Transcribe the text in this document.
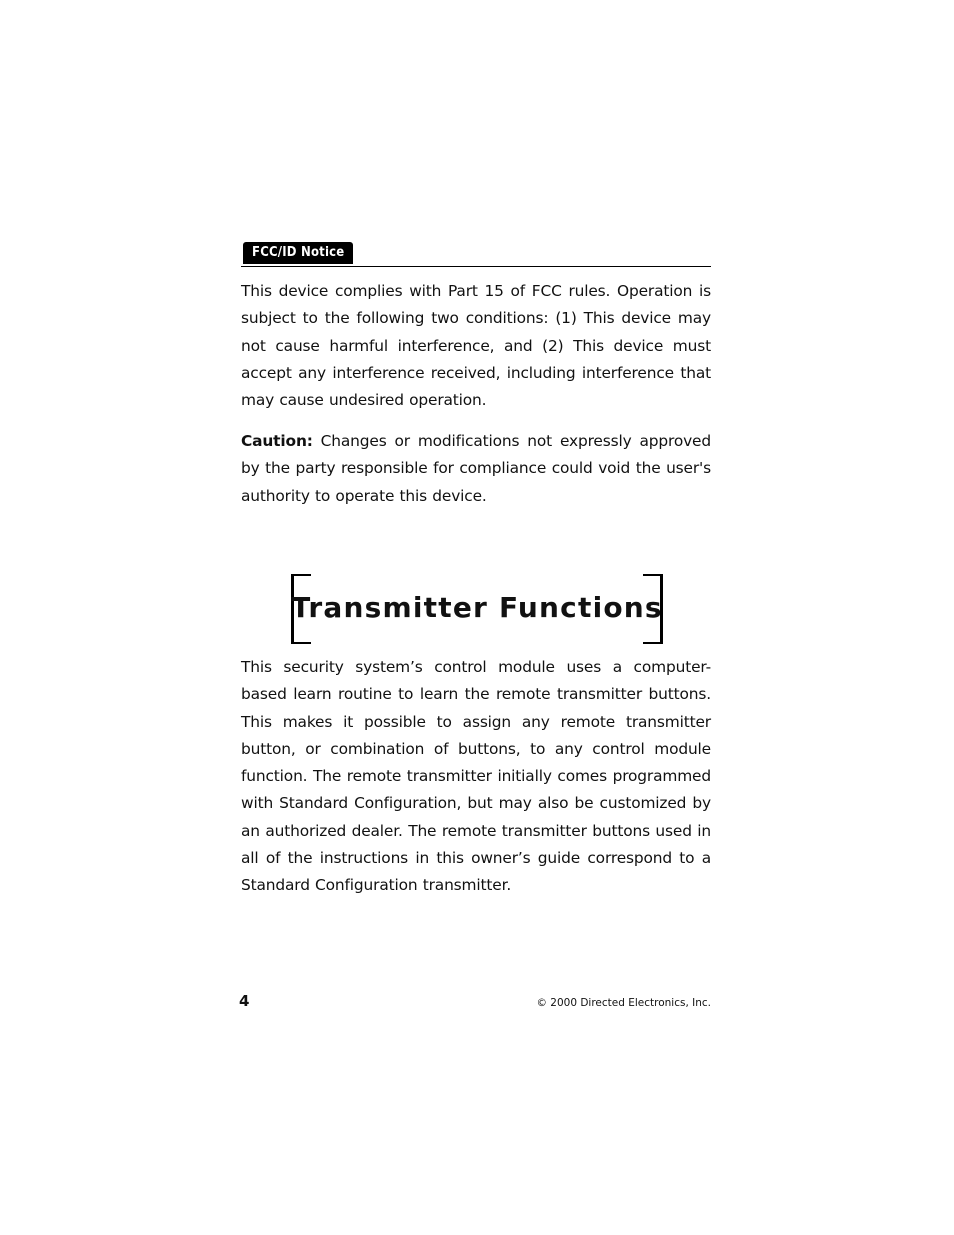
FCC/ID Notice

This device complies with Part 15 of FCC rules. Operation is subject to the following two conditions: (1) This device may not cause harmful interference, and (2) This device must accept any interference received, including interference that may cause undesired operation.

Caution: Changes or modifications not expressly approved by the party responsible for compliance could void the user's authority to operate this device.

Transmitter Functions

This security system’s control module uses a computer-based learn routine to learn the remote transmitter buttons. This makes it possible to assign any remote transmitter button, or combination of buttons, to any control module function. The remote transmitter initially comes programmed with Standard Configuration, but may also be customized by an authorized dealer. The remote transmitter buttons used in all of the instructions in this owner’s guide correspond to a Standard Configuration transmitter.

4	© 2000 Directed Electronics, Inc.
